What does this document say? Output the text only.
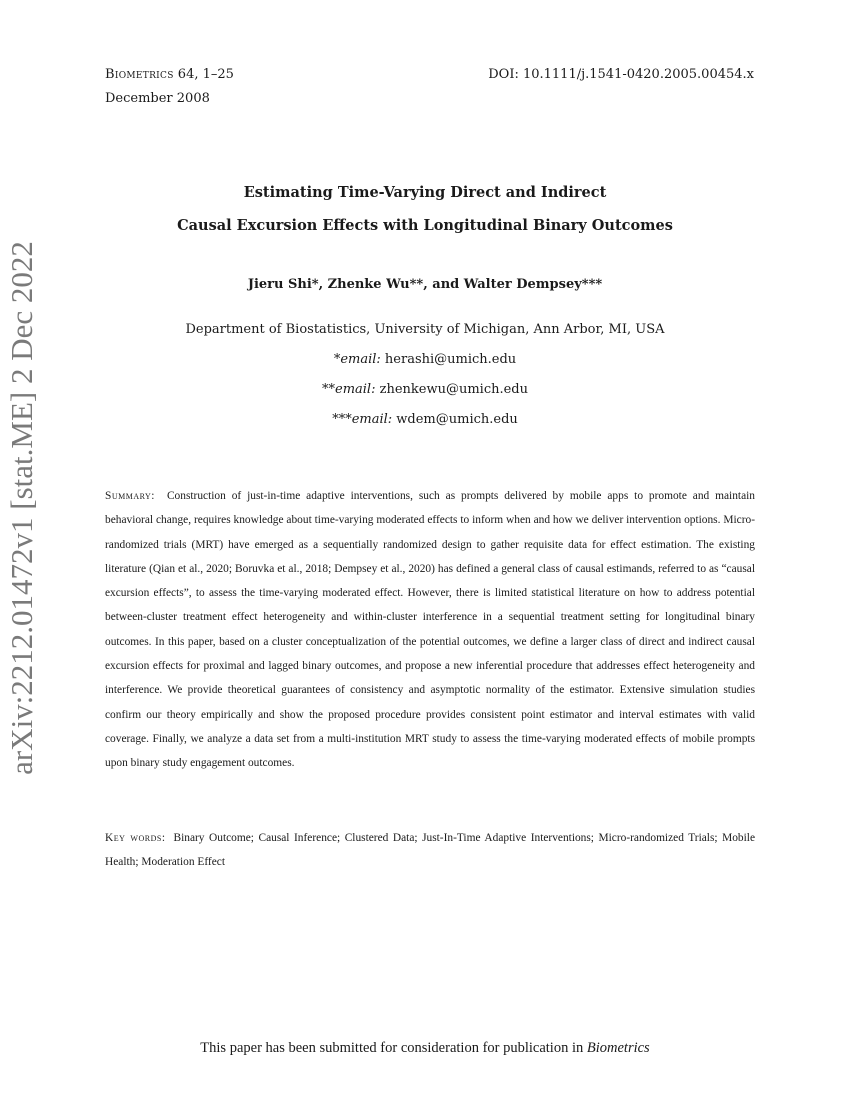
arXiv:2212.01472v1 [stat.ME] 2 Dec 2022
Biometrics 64, 1–25
December 2008
DOI: 10.1111/j.1541-0420.2005.00454.x
Estimating Time-Varying Direct and Indirect
Causal Excursion Effects with Longitudinal Binary Outcomes
Jieru Shi*, Zhenke Wu**, and Walter Dempsey***
Department of Biostatistics, University of Michigan, Ann Arbor, MI, USA
*email: herashi@umich.edu
**email: zhenkewu@umich.edu
***email: wdem@umich.edu
Summary: Construction of just-in-time adaptive interventions, such as prompts delivered by mobile apps to promote and maintain behavioral change, requires knowledge about time-varying moderated effects to inform when and how we deliver intervention options. Micro-randomized trials (MRT) have emerged as a sequentially randomized design to gather requisite data for effect estimation. The existing literature (Qian et al., 2020; Boruvka et al., 2018; Dempsey et al., 2020) has defined a general class of causal estimands, referred to as “causal excursion effects”, to assess the time-varying moderated effect. However, there is limited statistical literature on how to address potential between-cluster treatment effect heterogeneity and within-cluster interference in a sequential treatment setting for longitudinal binary outcomes. In this paper, based on a cluster conceptualization of the potential outcomes, we define a larger class of direct and indirect causal excursion effects for proximal and lagged binary outcomes, and propose a new inferential procedure that addresses effect heterogeneity and interference. We provide theoretical guarantees of consistency and asymptotic normality of the estimator. Extensive simulation studies confirm our theory empirically and show the proposed procedure provides consistent point estimator and interval estimates with valid coverage. Finally, we analyze a data set from a multi-institution MRT study to assess the time-varying moderated effects of mobile prompts upon binary study engagement outcomes.
Key words: Binary Outcome; Causal Inference; Clustered Data; Just-In-Time Adaptive Interventions; Micro-randomized Trials; Mobile Health; Moderation Effect
This paper has been submitted for consideration for publication in Biometrics
